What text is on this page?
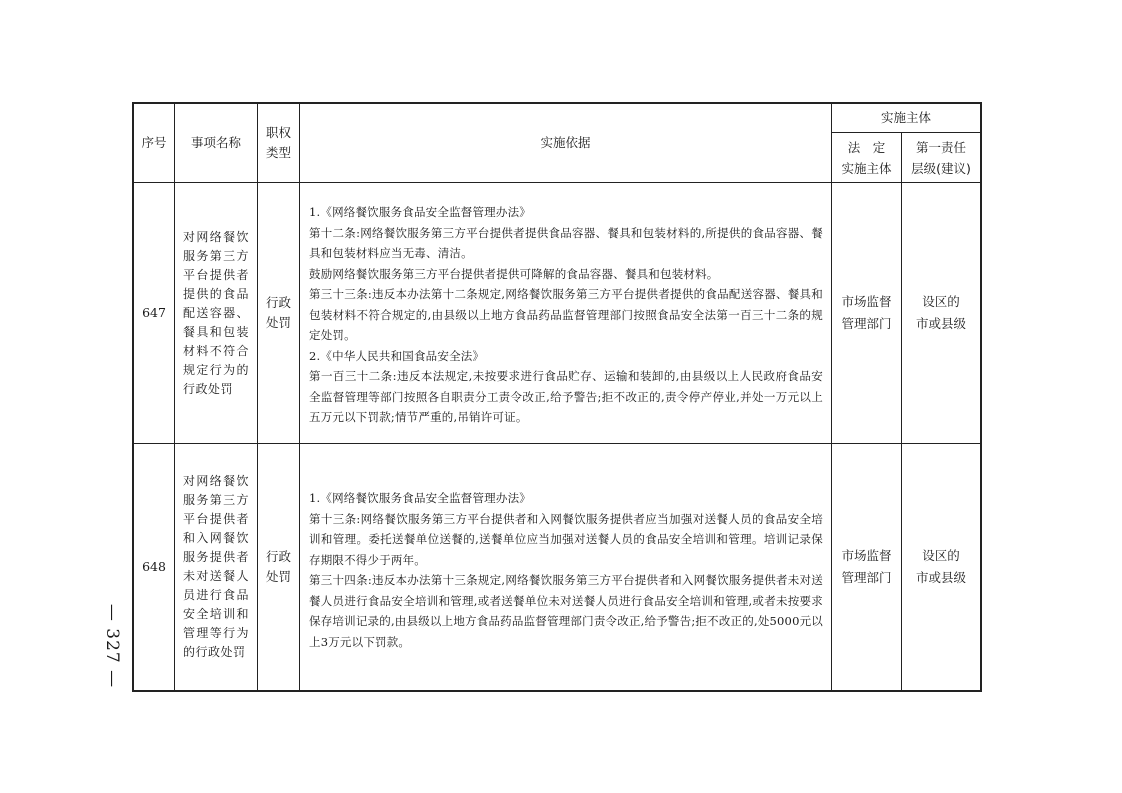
序号	事项名称
职权
类型
实施依据
实施主体
法　定
实施主体
第一责任
层级(建议)
647
对网络餐饮服务第三方平台提供者提供的食品配送容器、餐具和包装材料不符合规定行为的行政处罚
行政
处罚

1.《网络餐饮服务食品安全监督管理办法》

第十二条:网络餐饮服务第三方平台提供者提供食品容器、餐具和包装材料的,所提供的食品容器、餐具和包装材料应当无毒、清洁。

鼓励网络餐饮服务第三方平台提供者提供可降解的食品容器、餐具和包装材料。

第三十三条:违反本办法第十二条规定,网络餐饮服务第三方平台提供者提供的食品配送容器、餐具和包装材料不符合规定的,由县级以上地方食品药品监督管理部门按照食品安全法第一百三十二条的规定处罚。

2.《中华人民共和国食品安全法》

第一百三十二条:违反本法规定,未按要求进行食品贮存、运输和装卸的,由县级以上人民政府食品安全监督管理等部门按照各自职责分工责令改正,给予警告;拒不改正的,责令停产停业,并处一万元以上五万元以下罚款;情节严重的,吊销许可证。

市场监督
管理部门
设区的
市或县级
648
对网络餐饮服务第三方平台提供者和入网餐饮服务提供者未对送餐人员进行食品安全培训和管理等行为的行政处罚
行政
处罚

1.《网络餐饮服务食品安全监督管理办法》

第十三条:网络餐饮服务第三方平台提供者和入网餐饮服务提供者应当加强对送餐人员的食品安全培训和管理。委托送餐单位送餐的,送餐单位应当加强对送餐人员的食品安全培训和管理。培训记录保存期限不得少于两年。

第三十四条:违反本办法第十三条规定,网络餐饮服务第三方平台提供者和入网餐饮服务提供者未对送餐人员进行食品安全培训和管理,或者送餐单位未对送餐人员进行食品安全培训和管理,或者未按要求保存培训记录的,由县级以上地方食品药品监督管理部门责令改正,给予警告;拒不改正的,处5000元以上3万元以下罚款。

市场监督
管理部门
设区的
市或县级
— 327 —
